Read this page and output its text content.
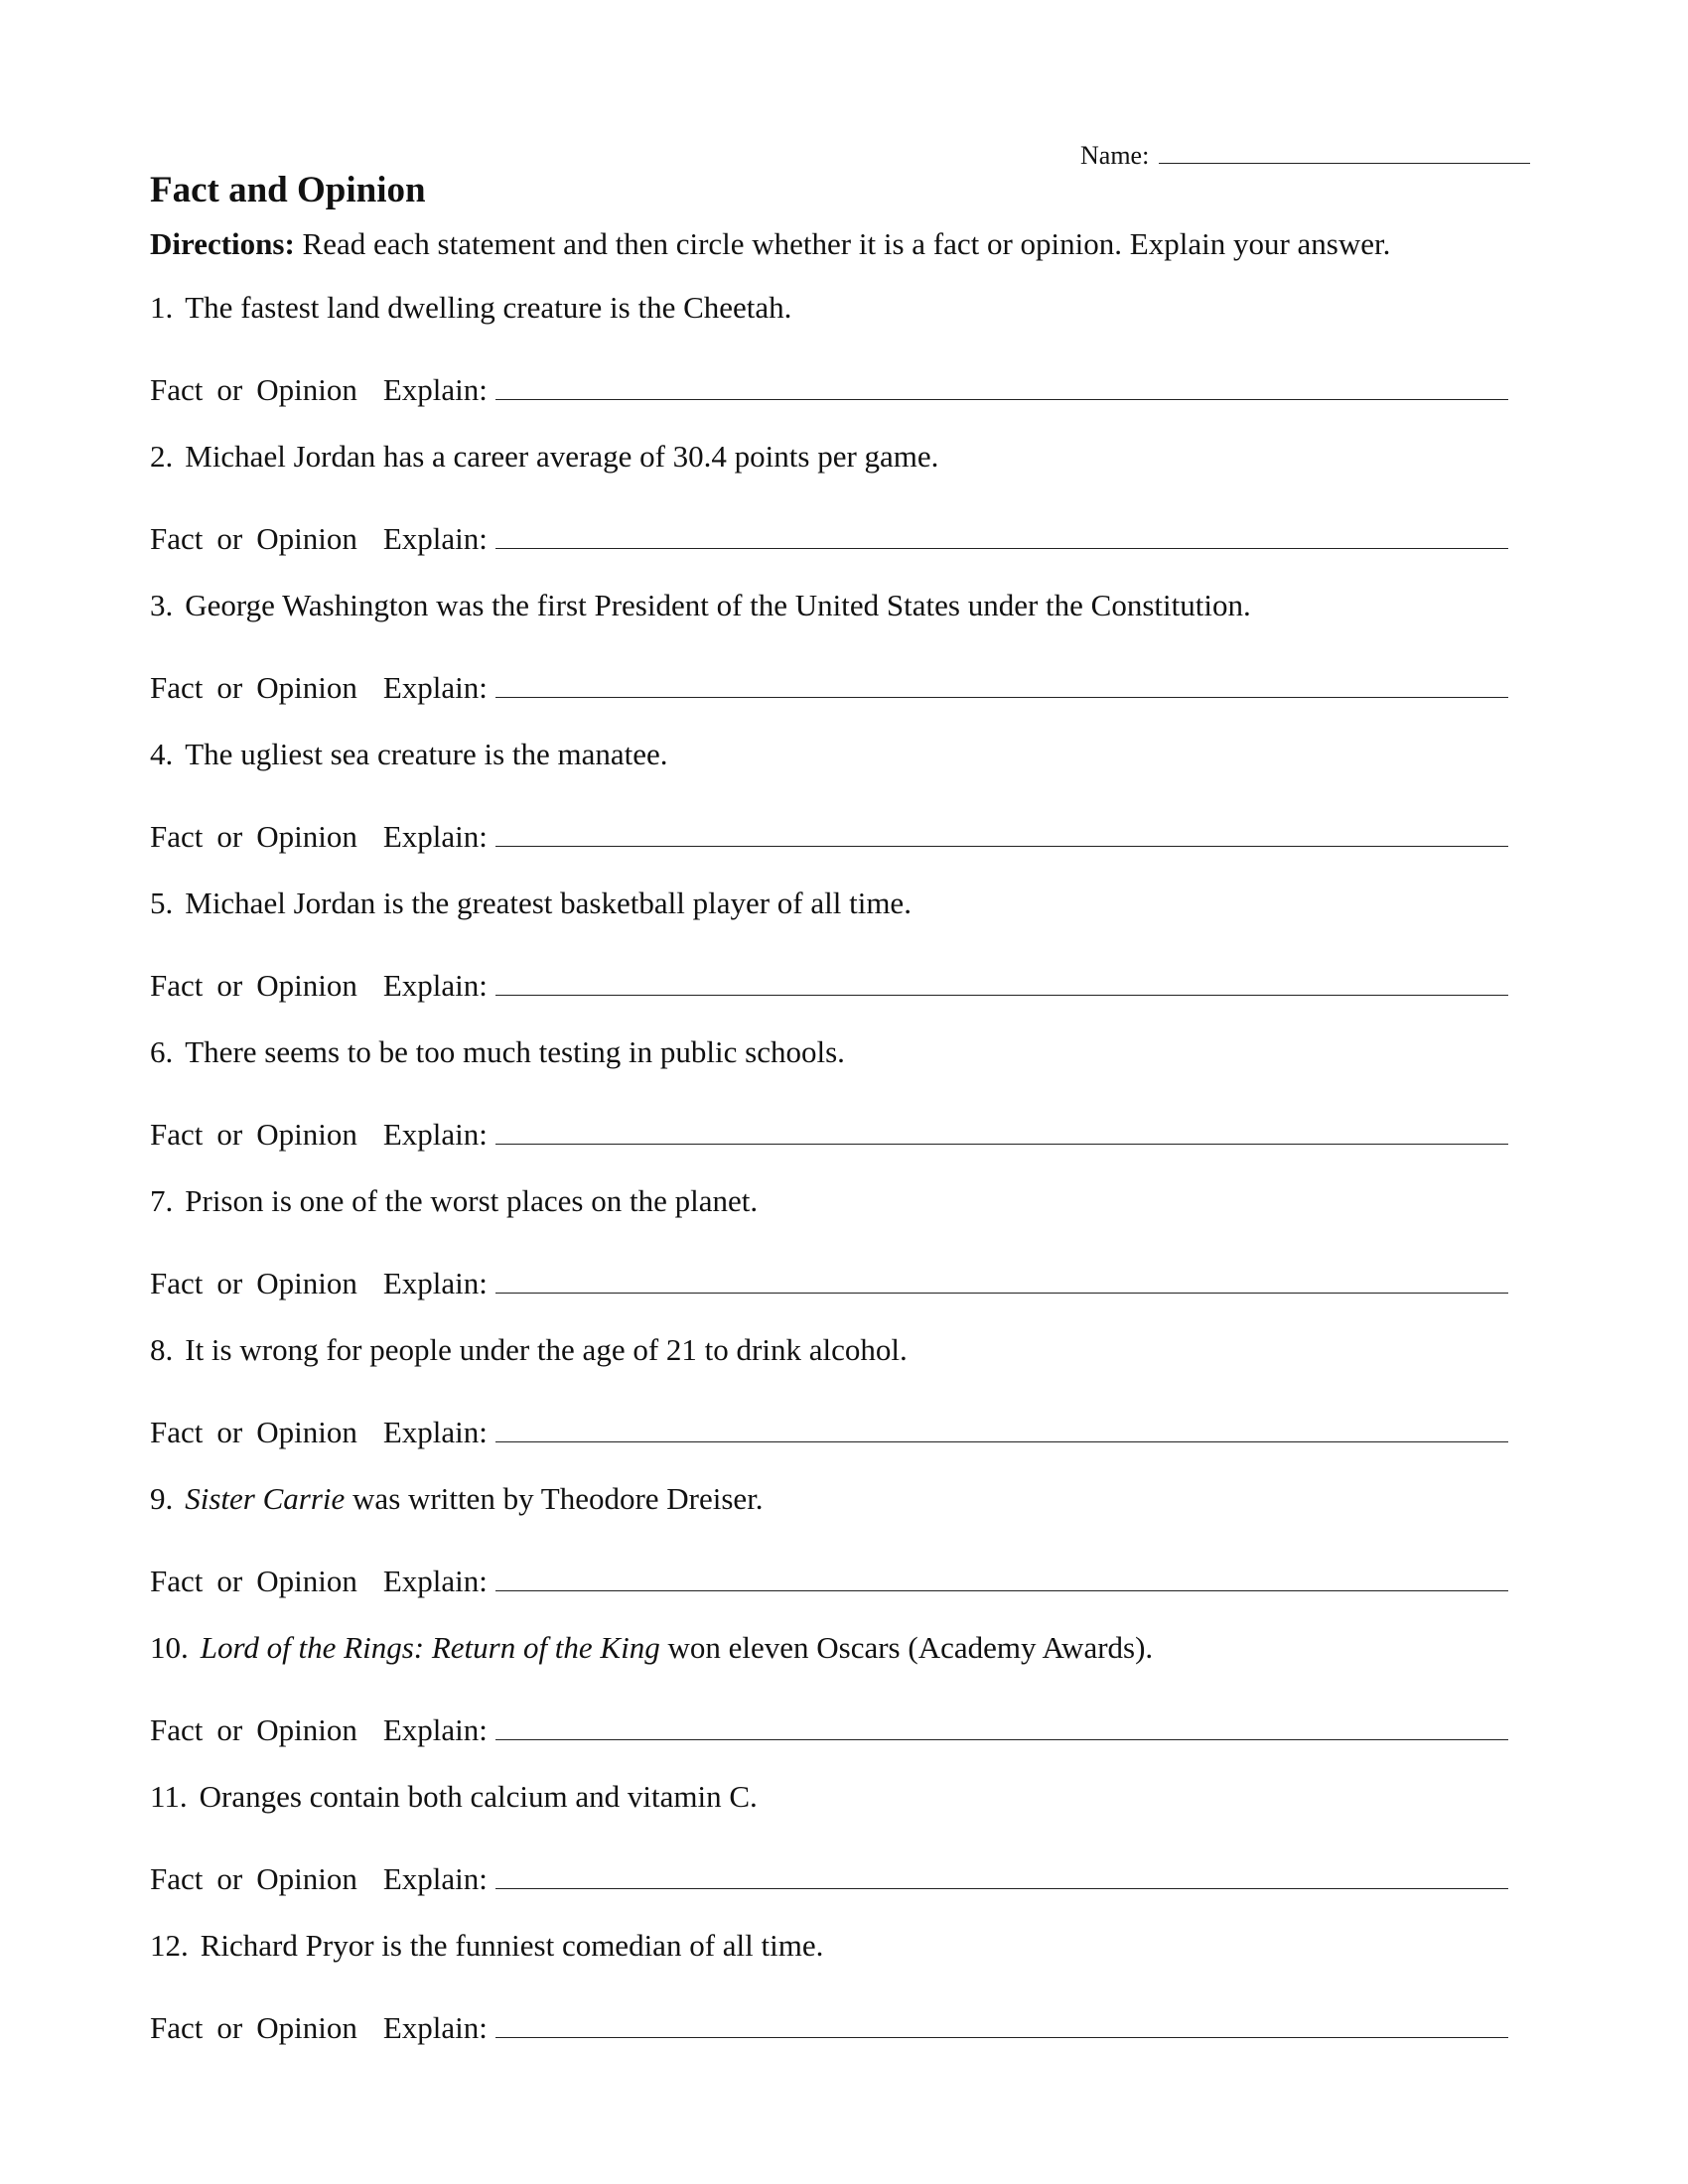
Name:
Fact and Opinion
Directions: Read each statement and then circle whether it is a fact or opinion. Explain your answer.
1. The fastest land dwelling creature is the Cheetah.
Fact or Opinion Explain:
2. Michael Jordan has a career average of 30.4 points per game.
Fact or Opinion Explain:
3. George Washington was the first President of the United States under the Constitution.
Fact or Opinion Explain:
4. The ugliest sea creature is the manatee.
Fact or Opinion Explain:
5. Michael Jordan is the greatest basketball player of all time.
Fact or Opinion Explain:
6. There seems to be too much testing in public schools.
Fact or Opinion Explain:
7. Prison is one of the worst places on the planet.
Fact or Opinion Explain:
8. It is wrong for people under the age of 21 to drink alcohol.
Fact or Opinion Explain:
9. Sister Carrie was written by Theodore Dreiser.
Fact or Opinion Explain:
10. Lord of the Rings: Return of the King won eleven Oscars (Academy Awards).
Fact or Opinion Explain:
11. Oranges contain both calcium and vitamin C.
Fact or Opinion Explain:
12. Richard Pryor is the funniest comedian of all time.
Fact or Opinion Explain:
